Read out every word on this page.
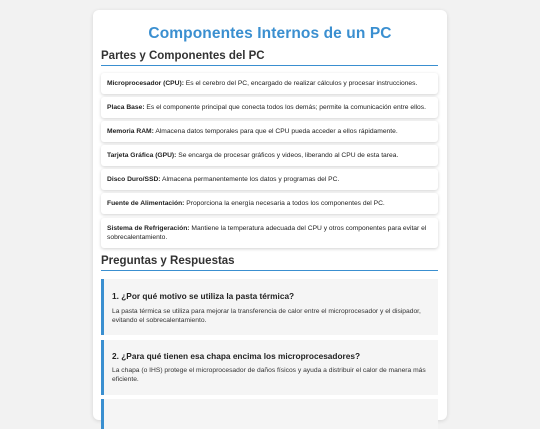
Componentes Internos de un PC
Partes y Componentes del PC
Microprocesador (CPU): Es el cerebro del PC, encargado de realizar cálculos y procesar instrucciones.
Placa Base: Es el componente principal que conecta todos los demás; permite la comunicación entre ellos.
Memoria RAM: Almacena datos temporales para que el CPU pueda acceder a ellos rápidamente.
Tarjeta Gráfica (GPU): Se encarga de procesar gráficos y videos, liberando al CPU de esta tarea.
Disco Duro/SSD: Almacena permanentemente los datos y programas del PC.
Fuente de Alimentación: Proporciona la energía necesaria a todos los componentes del PC.
Sistema de Refrigeración: Mantiene la temperatura adecuada del CPU y otros componentes para evitar el sobrecalentamiento.
Preguntas y Respuestas
1. ¿Por qué motivo se utiliza la pasta térmica?
La pasta térmica se utiliza para mejorar la transferencia de calor entre el microprocesador y el disipador, evitando el sobrecalentamiento.
2. ¿Para qué tienen esa chapa encima los microprocesadores?
La chapa (o IHS) protege el microprocesador de daños físicos y ayuda a distribuir el calor de manera más eficiente.
